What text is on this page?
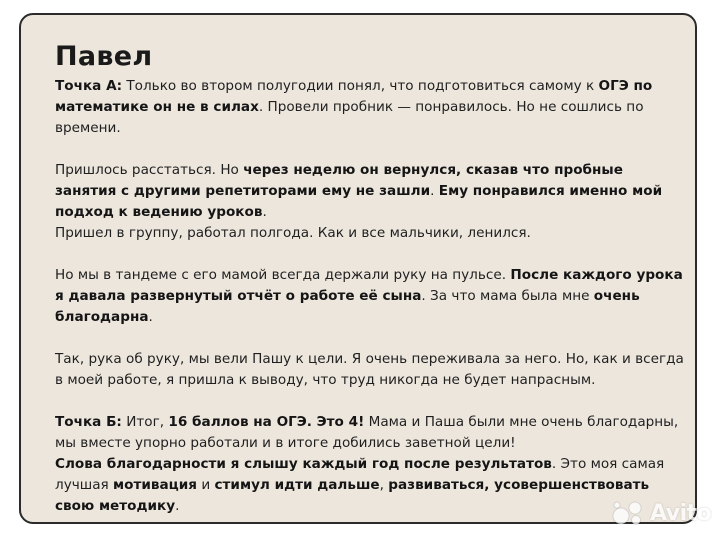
Павел

Точка А: Только во втором полугодии понял, что подготовиться самому к ОГЭ по математике он не в силах. Провели пробник — понравилось. Но не сошлись по времени.

Пришлось расстаться. Но через неделю он вернулся, сказав что пробные занятия с другими репетиторами ему не зашли. Ему понравился именно мой подход к ведению уроков.

Пришел в группу, работал полгода. Как и все мальчики, ленился.

Но мы в тандеме с его мамой всегда держали руку на пульсе. После каждого урока я давала развернутый отчёт о работе её сына. За что мама была мне очень благодарна.

Так, рука об руку, мы вели Пашу к цели. Я очень переживала за него. Но, как и всегда в моей работе, я пришла к выводу, что труд никогда не будет напрасным.

Точка Б: Итог, 16 баллов на ОГЭ. Это 4! Мама и Паша были мне очень благодарны, мы вместе упорно работали и в итоге добились заветной цели!

Слова благодарности я слышу каждый год после результатов. Это моя самая лучшая мотивация и стимул идти дальше, развиваться, усовершенствовать свою методику.	Avito
